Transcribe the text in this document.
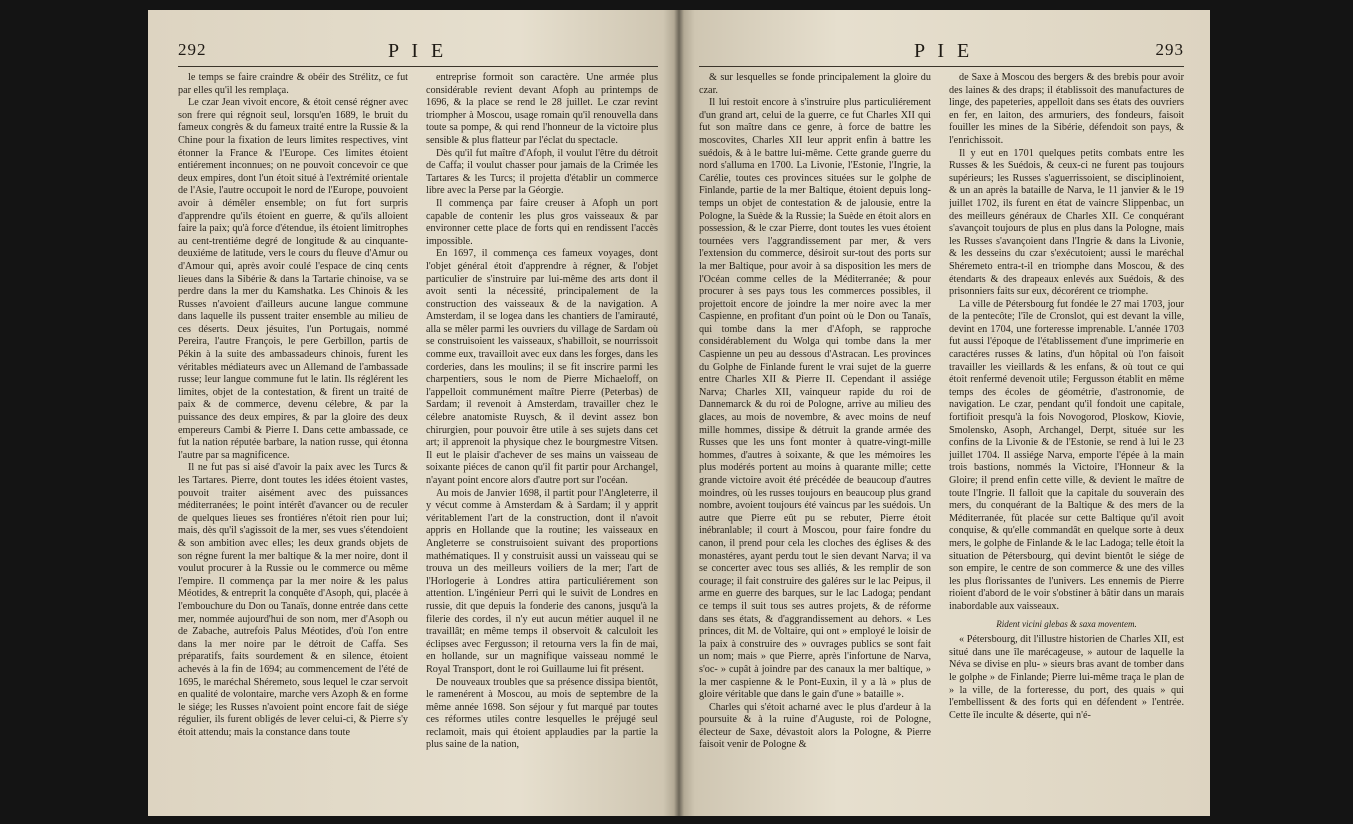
292	P I E

le temps se faire craindre & obéir des Strélitz, ce fut par elles qu'il les remplaça.

Le czar Jean vivoit encore, & étoit censé régner avec son frere qui régnoit seul, lorsqu'en 1689, le bruit du fameux congrès & du fameux traité entre la Russie & la Chine pour la fixation de leurs limites respectives, vint étonner la France & l'Europe. Ces limites étoient entiérement inconnues; on ne pouvoit concevoir ce que deux empires, dont l'un étoit situé à l'extrémité orientale de l'Asie, l'autre occupoit le nord de l'Europe, pouvoient avoir à démêler ensemble; on fut fort surpris d'apprendre qu'ils étoient en guerre, & qu'ils alloient faire la paix; qu'à force d'étendue, ils étoient limitrophes au cent-trentiéme degré de longitude & au cinquante-deuxiéme de latitude, vers le cours du fleuve d'Amur ou d'Amour qui, après avoir coulé l'espace de cinq cents lieues dans la Sibérie & dans la Tartarie chinoise, va se perdre dans la mer du Kamshatka. Les Chinois & les Russes n'avoient d'ailleurs aucune langue commune dans laquelle ils pussent traiter ensemble au milieu de ces déserts. Deux jésuites, l'un Portugais, nommé Pereira, l'autre François, le pere Gerbillon, partis de Pékin à la suite des ambassadeurs chinois, furent les véritables médiateurs avec un Allemand de l'ambassade russe; leur langue commune fut le latin. Ils réglérent les limites, objet de la contestation, & firent un traité de paix & de commerce, devenu célebre, & par la puissance des deux empires, & par la gloire des deux empereurs Cambi & Pierre I. Dans cette ambassade, ce fut la nation réputée barbare, la nation russe, qui étonna l'autre par sa magnificence.

Il ne fut pas si aisé d'avoir la paix avec les Turcs & les Tartares. Pierre, dont toutes les idées étoient vastes, pouvoit traiter aisément avec des puissances méditerranées; le point intérêt d'avancer ou de reculer de quelques lieues ses frontiéres n'étoit rien pour lui; mais, dès qu'il s'agissoit de la mer, ses vues s'étendoient & son ambition avec elles; les deux grands objets de son régne furent la mer baltique & la mer noire, dont il voulut procurer à la Russie ou le commerce ou même l'empire. Il commença par la mer noire & les palus Méotides, & entreprit la conquête d'Asoph, qui, placée à l'embouchure du Don ou Tanaïs, donne entrée dans cette mer, nommée aujourd'hui de son nom, mer d'Asoph ou de Zabache, autrefois Palus Méotides, d'où l'on entre dans la mer noire par le détroit de Caffa. Ses préparatifs, faits sourdement & en silence, étoient achevés à la fin de 1694; au commencement de l'été de 1695, le maréchal Shéremeto, sous lequel le czar servoit en qualité de volontaire, marche vers Azoph & en forme le siége; les Russes n'avoient point encore fait de siége régulier, ils furent obligés de lever celui-ci, & Pierre s'y étoit attendu; mais la constance dans toute

entreprise formoit son caractère. Une armée plus considérable revient devant Afoph au printemps de 1696, & la place se rend le 28 juillet. Le czar revint triompher à Moscou, usage romain qu'il renouvella dans toute sa pompe, & qui rend l'honneur de la victoire plus sensible & plus flatteur par l'éclat du spectacle.

Dès qu'il fut maître d'Afoph, il voulut l'être du détroit de Caffa; il voulut chasser pour jamais de la Crimée les Tartares & les Turcs; il projetta d'établir un commerce libre avec la Perse par la Géorgie.

Il commença par faire creuser à Afoph un port capable de contenir les plus gros vaisseaux & par environner cette place de forts qui en rendissent l'accès impossible.

En 1697, il commença ces fameux voyages, dont l'objet général étoit d'apprendre à régner, & l'objet particulier de s'instruire par lui-même des arts dont il avoit senti la nécessité, principalement de la construction des vaisseaux & de la navigation. A Amsterdam, il se logea dans les chantiers de l'amirauté, alla se mêler parmi les ouvriers du village de Sardam où se construisoient les vaisseaux, s'habilloit, se nourrissoit comme eux, travailloit avec eux dans les forges, dans les corderies, dans les moulins; il se fit inscrire parmi les charpentiers, sous le nom de Pierre Michaeloff, on l'appelloit communément maître Pierre (Peterbas) de Sardam; il revenoit à Amsterdam, travailler chez le célebre anatomiste Ruysch, & il devint assez bon chirurgien, pour pouvoir être utile à ses sujets dans cet art; il apprenoit la physique chez le bourgmestre Vitsen. Il eut le plaisir d'achever de ses mains un vaisseau de soixante piéces de canon qu'il fit partir pour Archangel, n'ayant point encore alors d'autre port sur l'océan.

Au mois de Janvier 1698, il partit pour l'Angleterre, il y vécut comme à Amsterdam & à Sardam; il y apprit véritablement l'art de la construction, dont il n'avoit appris en Hollande que la routine; les vaisseaux en Angleterre se construisoient suivant des proportions mathématiques. Il y construisit aussi un vaisseau qui se trouva un des meilleurs voiliers de la mer; l'art de l'Horlogerie à Londres attira particuliérement son attention. L'ingénieur Perri qui le suivit de Londres en russie, dit que depuis la fonderie des canons, jusqu'à la filerie des cordes, il n'y eut aucun métier auquel il ne travaillât; en même temps il observoit & calculoit les éclipses avec Fergusson; il retourna vers la fin de mai, en hollande, sur un magnifique vaisseau nommé le Royal Transport, dont le roi Guillaume lui fit présent.

De nouveaux troubles que sa présence dissipa bientôt, le ramenérent à Moscou, au mois de septembre de la même année 1698. Son séjour y fut marqué par toutes ces réformes utiles contre lesquelles le préjugé seul reclamoit, mais qui étoient applaudies par la partie la plus saine de la nation,

P I E	293

& sur lesquelles se fonde principalement la gloire du czar.

Il lui restoit encore à s'instruire plus particuliérement d'un grand art, celui de la guerre, ce fut Charles XII qui fut son maître dans ce genre, à force de battre les moscovites, Charles XII leur apprit enfin à battre les suédois, & à le battre lui-même. Cette grande guerre du nord s'alluma en 1700. La Livonie, l'Estonie, l'Ingrie, la Carélie, toutes ces provinces situées sur le golphe de Finlande, partie de la mer Baltique, étoient depuis long-temps un objet de contestation & de jalousie, entre la Pologne, la Suède & la Russie; la Suède en étoit alors en possession, & le czar Pierre, dont toutes les vues étoient tournées vers l'aggrandissement par mer, & vers l'extension du commerce, désiroit sur-tout des ports sur la mer Baltique, pour avoir à sa disposition les mers de l'Océan comme celles de la Méditerranée; & pour procurer à ses pays tous les commerces possibles, il projettoit encore de joindre la mer noire avec la mer Caspienne, en profitant d'un point où le Don ou Tanaïs, qui tombe dans la mer d'Afoph, se rapproche considérablement du Wolga qui tombe dans la mer Caspienne un peu au dessous d'Astracan. Les provinces du Golphe de Finlande furent le vrai sujet de la guerre entre Charles XII & Pierre II. Cependant il assiége Narva; Charles XII, vainqueur rapide du roi de Dannemarck & du roi de Pologne, arrive au milieu des glaces, au mois de novembre, & avec moins de neuf mille hommes, dissipe & détruit la grande armée des Russes que les uns font monter à quatre-vingt-mille hommes, d'autres à soixante, & que les mémoires les plus modérés portent au moins à quarante mille; cette grande victoire avoit été précédée de beaucoup d'autres moindres, où les russes toujours en beaucoup plus grand nombre, avoient toujours été vaincus par les suédois. Un autre que Pierre eût pu se rebuter, Pierre étoit inébranlable; il court à Moscou, pour faire fondre du canon, il prend pour cela les cloches des églises & des monastéres, ayant perdu tout le sien devant Narva; il va se concerter avec tous ses alliés, & les remplir de son courage; il fait construire des galéres sur le lac Peipus, il arme en guerre des barques, sur le lac Ladoga; pendant ce temps il suit tous ses autres projets, & de réforme dans ses états, & d'aggrandissement au dehors. « Les princes, dit M. de Voltaire, qui ont » employé le loisir de la paix à construire des » ouvrages publics se sont fait un nom; mais » que Pierre, après l'infortune de Narva, s'oc- » cupât à joindre par des canaux la mer baltique, » la mer caspienne & le Pont-Euxin, il y a là » plus de gloire véritable que dans le gain d'une » bataille ».

Charles qui s'étoit acharné avec le plus d'ardeur à la poursuite & à la ruine d'Auguste, roi de Pologne, électeur de Saxe, dévastoit alors la Pologne, & Pierre faisoit venir de Pologne &

de Saxe à Moscou des bergers & des brebis pour avoir des laines & des draps; il établissoit des manufactures de linge, des papeteries, appelloit dans ses états des ouvriers en fer, en laiton, des armuriers, des fondeurs, faisoit fouiller les mines de la Sibérie, défendoit son pays, & l'enrichissoit.

Il y eut en 1701 quelques petits combats entre les Russes & les Suédois, & ceux-ci ne furent pas toujours supérieurs; les Russes s'aguerrissoient, se disciplinoient, & un an après la bataille de Narva, le 11 janvier & le 19 juillet 1702, ils furent en état de vaincre Slippenbac, un des meilleurs généraux de Charles XII. Ce conquérant s'avançoit toujours de plus en plus dans la Pologne, mais les Russes s'avançoient dans l'Ingrie & dans la Livonie, & les desseins du czar s'exécutoient; aussi le maréchal Shéremeto entra-t-il en triomphe dans Moscou, & des étendarts & des drapeaux enlevés aux Suédois, & des prisonniers faits sur eux, décorérent ce triomphe.

La ville de Pétersbourg fut fondée le 27 mai 1703, jour de la pentecôte; l'île de Cronslot, qui est devant la ville, devint en 1704, une forteresse imprenable. L'année 1703 fut aussi l'époque de l'établissement d'une imprimerie en caractéres russes & latins, d'un hôpital où l'on faisoit travailler les vieillards & les enfans, & où tout ce qui étoit renfermé devenoit utile; Fergusson établit en même temps des écoles de géométrie, d'astronomie, de navigation. Le czar, pendant qu'il fondoit une capitale, fortifioit presqu'à la fois Novogorod, Ploskow, Kiovie, Smolensko, Asoph, Archangel, Derpt, située sur les confins de la Livonie & de l'Estonie, se rend à lui le 23 juillet 1704. Il assiége Narva, emporte l'épée à la main trois bastions, nommés la Victoire, l'Honneur & la Gloire; il prend enfin cette ville, & devient le maître de toute l'Ingrie. Il falloit que la capitale du souverain des mers, du conquérant de la Baltique & des mers de la Méditerranée, fût placée sur cette Baltique qu'il avoit conquise, & qu'elle commandât en quelque sorte à deux mers, le golphe de Finlande & le lac Ladoga; telle étoit la situation de Pétersbourg, qui devint bientôt le siége de son empire, le centre de son commerce & une des villes les plus florissantes de l'univers. Les ennemis de Pierre rioient d'abord de le voir s'obstiner à bâtir dans un marais inabordable aux vaisseaux.

Rident vicini glebas & saxa moventem.

« Pétersbourg, dit l'illustre historien de Charles XII, est situé dans une île marécageuse, » autour de laquelle la Néva se divise en plu- » sieurs bras avant de tomber dans le golphe » de Finlande; Pierre lui-même traça le plan de » la ville, de la forteresse, du port, des quais » qui l'embellissent & des forts qui en défendent » l'entrée. Cette île inculte & déserte, qui n'é-
